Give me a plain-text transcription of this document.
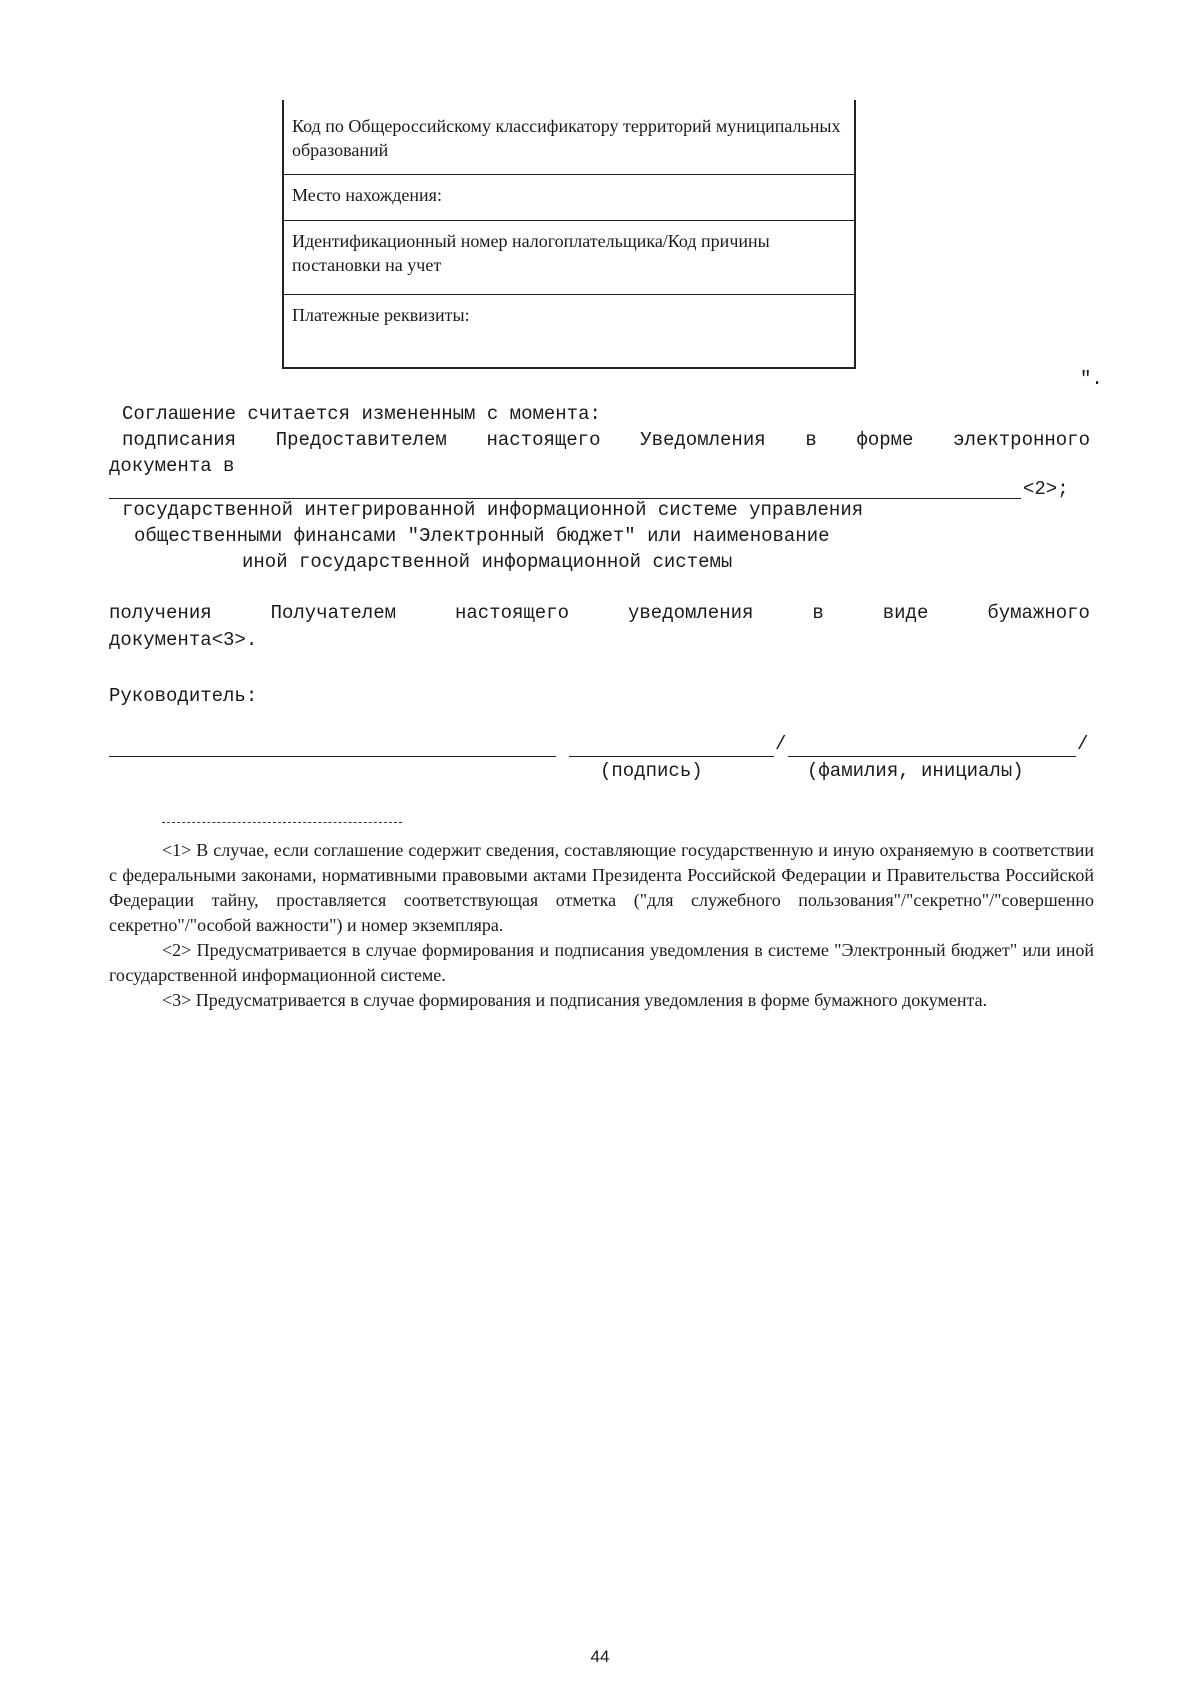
Код по Общероссийскому классификатору территорий муниципальных образований
Место нахождения:
Идентификационный номер налогоплательщика/Код причины постановки на учет
Платежные реквизиты:
".
Соглашение считается измененным с момента:
подписания Предоставителем настоящего Уведомления в форме электронного
документа в
<2>;
государственной интегрированной информационной системе управления
общественными финансами "Электронный бюджет" или наименование
иной государственной информационной системы
получения	Получателем	настоящего	уведомления	в	виде	бумажного
документа<3>.
Руководитель:
/	/
(подпись)	(фамилия, инициалы)

<1> В случае, если соглашение содержит сведения, составляющие государственную и иную охраняемую в соответствии с федеральными законами, нормативными правовыми актами Президента Российской Федерации и Правительства Российской Федерации тайну, проставляется соответствующая отметка ("для служебного пользования"/"секретно"/"совершенно секретно"/"особой важности") и номер экземпляра.

<2> Предусматривается в случае формирования и подписания уведомления в системе "Электронный бюджет" или иной государственной информационной системе.

<3> Предусматривается в случае формирования и подписания уведомления в форме бумажного документа.

44
